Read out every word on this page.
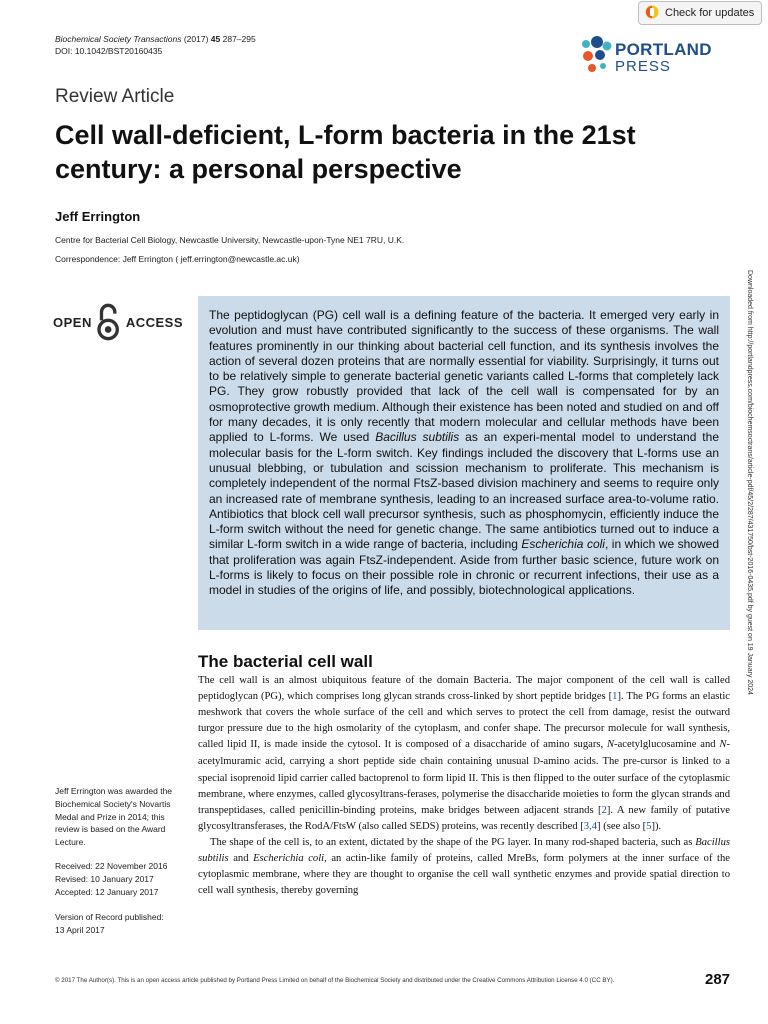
Check for updates
Biochemical Society Transactions (2017) 45 287–295
DOI: 10.1042/BST20160435	PORTLAND
PRESS
Review Article
Cell wall-deficient, L-form bacteria in the 21st
century: a personal perspective
Jeff Errington
Centre for Bacterial Cell Biology, Newcastle University, Newcastle-upon-Tyne NE1 7RU, U.K.
Correspondence: Jeff Errington ( jeff.errington@newcastle.ac.uk)
OPEN	ACCESS	The peptidoglycan (PG) cell wall is a defining feature of the bacteria. It emerged very early in evolution and must have contributed significantly to the success of these organisms. The wall features prominently in our thinking about bacterial cell function, and its synthesis involves the action of several dozen proteins that are normally essential for viability. Surprisingly, it turns out to be relatively simple to generate bacterial genetic variants called L-forms that completely lack PG. They grow robustly provided that lack of the cell wall is compensated for by an osmoprotective growth medium. Although their existence has been noted and studied on and off for many decades, it is only recently that modern molecular and cellular methods have been applied to L-forms. We used Bacillus subtilis as an experi-mental model to understand the molecular basis for the L-form switch. Key findings included the discovery that L-forms use an unusual blebbing, or tubulation and scission mechanism to proliferate. This mechanism is completely independent of the normal FtsZ-based division machinery and seems to require only an increased rate of membrane synthesis, leading to an increased surface area-to-volume ratio. Antibiotics that block cell wall precursor synthesis, such as phosphomycin, efficiently induce the L-form switch without the need for genetic change. The same antibiotics turned out to induce a similar L-form switch in a wide range of bacteria, including Escherichia coli, in which we showed that proliferation was again FtsZ-independent. Aside from further basic science, future work on L-forms is likely to focus on their possible role in chronic or recurrent infections, their use as a model in studies of the origins of life, and possibly, biotechnological applications.	Downloaded from http://portlandpress.com/biochemsoctrans/article-pdf/45/2/287/431750/bst-2016-0435.pdf by guest on 19 January 2024
The bacterial cell wall

The cell wall is an almost ubiquitous feature of the domain Bacteria. The major component of the cell wall is called peptidoglycan (PG), which comprises long glycan strands cross-linked by short peptide bridges [1]. The PG forms an elastic meshwork that covers the whole surface of the cell and which serves to protect the cell from damage, resist the outward turgor pressure due to the high osmolarity of the cytoplasm, and confer shape. The precursor molecule for wall synthesis, called lipid II, is made inside the cytosol. It is composed of a disaccharide of amino sugars, N-acetylglucosamine and N-acetylmuramic acid, carrying a short peptide side chain containing unusual D-amino acids. The pre-cursor is linked to a special isoprenoid lipid carrier called bactoprenol to form lipid II. This is then flipped to the outer surface of the cytoplasmic membrane, where enzymes, called glycosyltrans-ferases, polymerise the disaccharide moieties to form the glycan strands and transpeptidases, called penicillin-binding proteins, make bridges between adjacent strands [2]. A new family of putative glycosyltransferases, the RodA/FtsW (also called SEDS) proteins, was recently described [3,4] (see also [5]).

The shape of the cell is, to an extent, dictated by the shape of the PG layer. In many rod-shaped bacteria, such as Bacillus subtilis and Escherichia coli, an actin-like family of proteins, called MreBs, form polymers at the inner surface of the cytoplasmic membrane, where they are thought to organise the cell wall synthetic enzymes and provide spatial direction to cell wall synthesis, thereby governing

Jeff Errington was awarded the Biochemical Society's Novartis Medal and Prize in 2014; this review is based on the Award Lecture.
Received: 22 November 2016
Revised: 10 January 2017
Accepted: 12 January 2017
Version of Record published:
13 April 2017
© 2017 The Author(s). This is an open access article published by Portland Press Limited on behalf of the Biochemical Society and distributed under the Creative Commons Attribution License 4.0 (CC BY).	287
